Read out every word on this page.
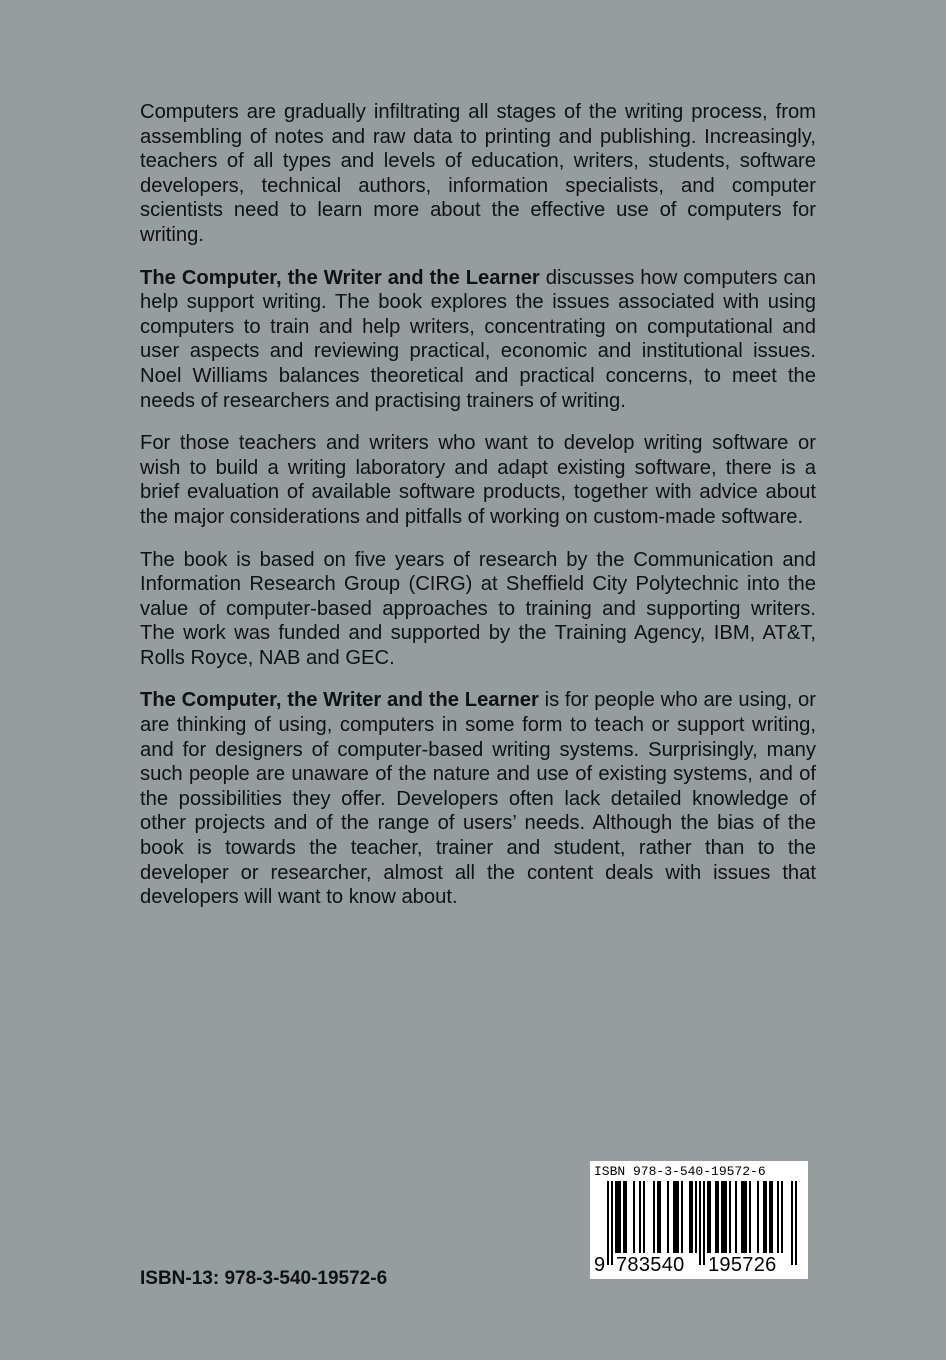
Computers are gradually infiltrating all stages of the writing process, from assembling of notes and raw data to printing and publishing. Increasingly, teachers of all types and levels of education, writers, students, software developers, technical authors, information specialists, and computer scientists need to learn more about the effective use of computers for writing.

The Computer, the Writer and the Learner discusses how computers can help support writing. The book explores the issues associated with using computers to train and help writers, concentrating on computational and user aspects and reviewing practical, economic and institutional issues. Noel Williams balances theoretical and practical concerns, to meet the needs of researchers and practising trainers of writing.

For those teachers and writers who want to develop writing software or wish to build a writing laboratory and adapt existing software, there is a brief evaluation of available software products, together with advice about the major considerations and pitfalls of working on custom-made software.

The book is based on five years of research by the Communication and Information Research Group (CIRG) at Sheffield City Polytechnic into the value of computer-based approaches to training and supporting writers. The work was funded and supported by the Training Agency, IBM, AT&T, Rolls Royce, NAB and GEC.

The Computer, the Writer and the Learner is for people who are using, or are thinking of using, computers in some form to teach or support writing, and for designers of computer-based writing systems. Surprisingly, many such people are unaware of the nature and use of existing systems, and of the possibilities they offer. Developers often lack detailed knowledge of other projects and of the range of users’ needs. Although the bias of the book is towards the teacher, trainer and student, rather than to the developer or researcher, almost all the content deals with issues that developers will want to know about.

ISBN-13: 978-3-540-19572-6
ISBN 978-3-540-19572-6
9 783540 195726
